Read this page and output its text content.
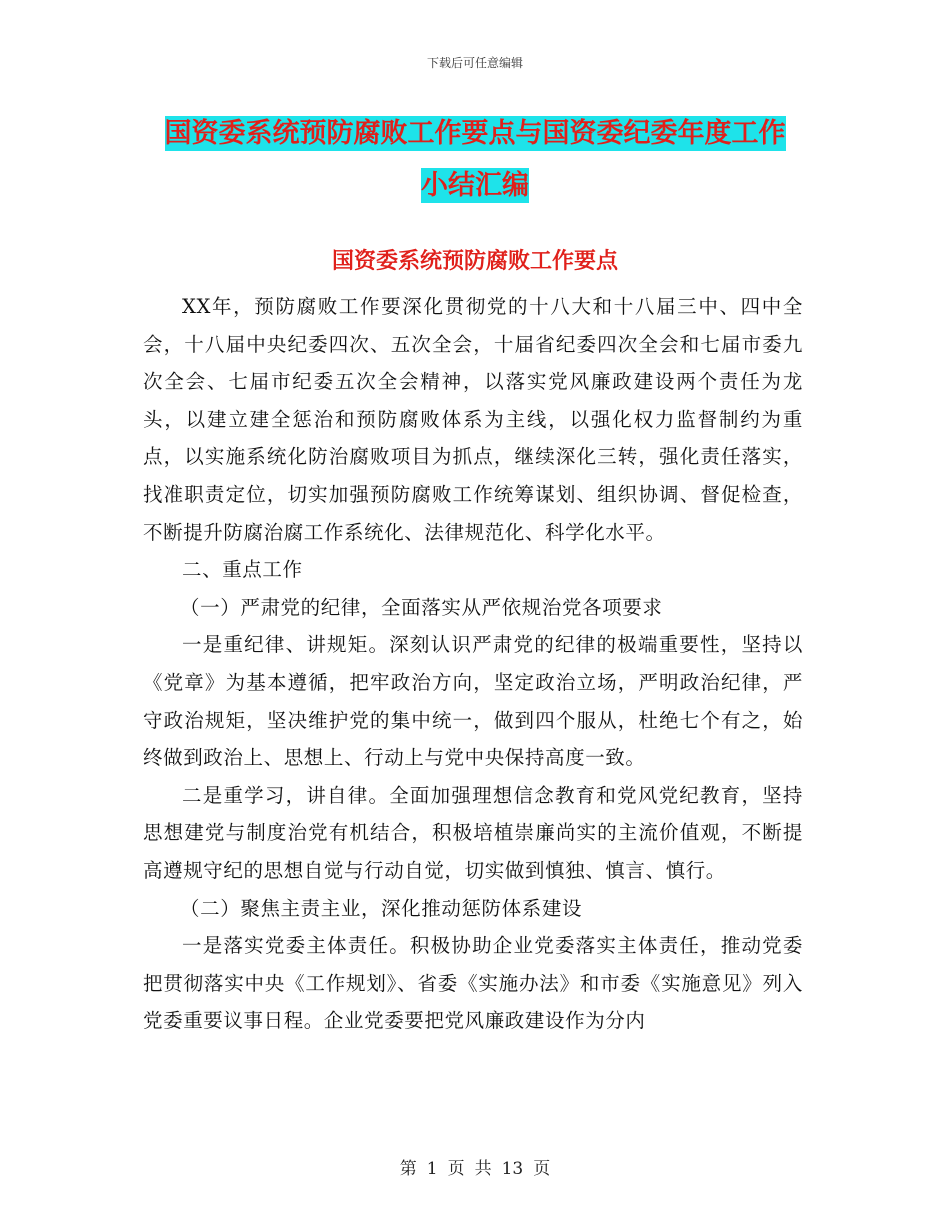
下载后可任意编辑
国资委系统预防腐败工作要点与国资委纪委年度工作
小结汇编
国资委系统预防腐败工作要点

XX年，预防腐败工作要深化贯彻党的十八大和十八届三中、四中全会，十八届中央纪委四次、五次全会，十届省纪委四次全会和七届市委九次全会、七届市纪委五次全会精神，以落实党风廉政建设两个责任为龙头，以建立建全惩治和预防腐败体系为主线，以强化权力监督制约为重点，以实施系统化防治腐败项目为抓点，继续深化三转，强化责任落实，找准职责定位，切实加强预防腐败工作统筹谋划、组织协调、督促检查，不断提升防腐治腐工作系统化、法律规范化、科学化水平。

二、重点工作

（一）严肃党的纪律，全面落实从严依规治党各项要求

一是重纪律、讲规矩。深刻认识严肃党的纪律的极端重要性，坚持以《党章》为基本遵循，把牢政治方向，坚定政治立场，严明政治纪律，严守政治规矩，坚决维护党的集中统一，做到四个服从，杜绝七个有之，始终做到政治上、思想上、行动上与党中央保持高度一致。

二是重学习，讲自律。全面加强理想信念教育和党风党纪教育，坚持思想建党与制度治党有机结合，积极培植崇廉尚实的主流价值观，不断提高遵规守纪的思想自觉与行动自觉，切实做到慎独、慎言、慎行。

（二）聚焦主责主业，深化推动惩防体系建设

一是落实党委主体责任。积极协助企业党委落实主体责任，推动党委把贯彻落实中央《工作规划》、省委《实施办法》和市委《实施意见》列入党委重要议事日程。企业党委要把党风廉政建设作为分内

第 1 页 共 13 页
